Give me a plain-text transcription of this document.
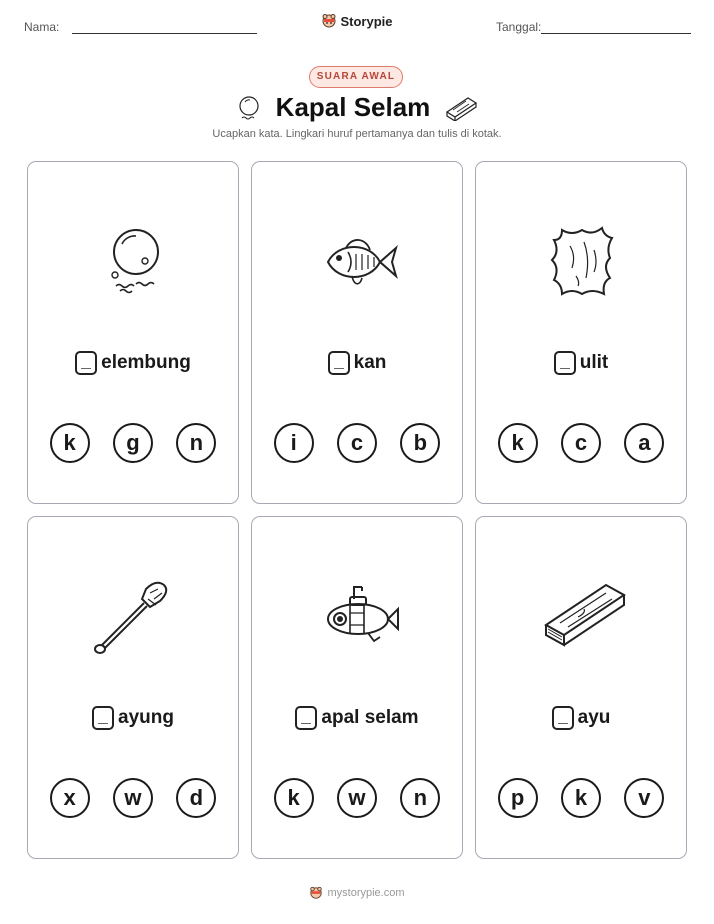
Nama:	Storypie	Tanggal:
SUARA AWAL
Kapal Selam
Ucapkan kata. Lingkari huruf pertamanya dan tulis di kotak.
elembung
k	g	n
kan
i	c	b
ulit
k	c	a
ayung
x	w	d
apal selam
k	w	n
ayu
p	k	v
mystorypie.com
